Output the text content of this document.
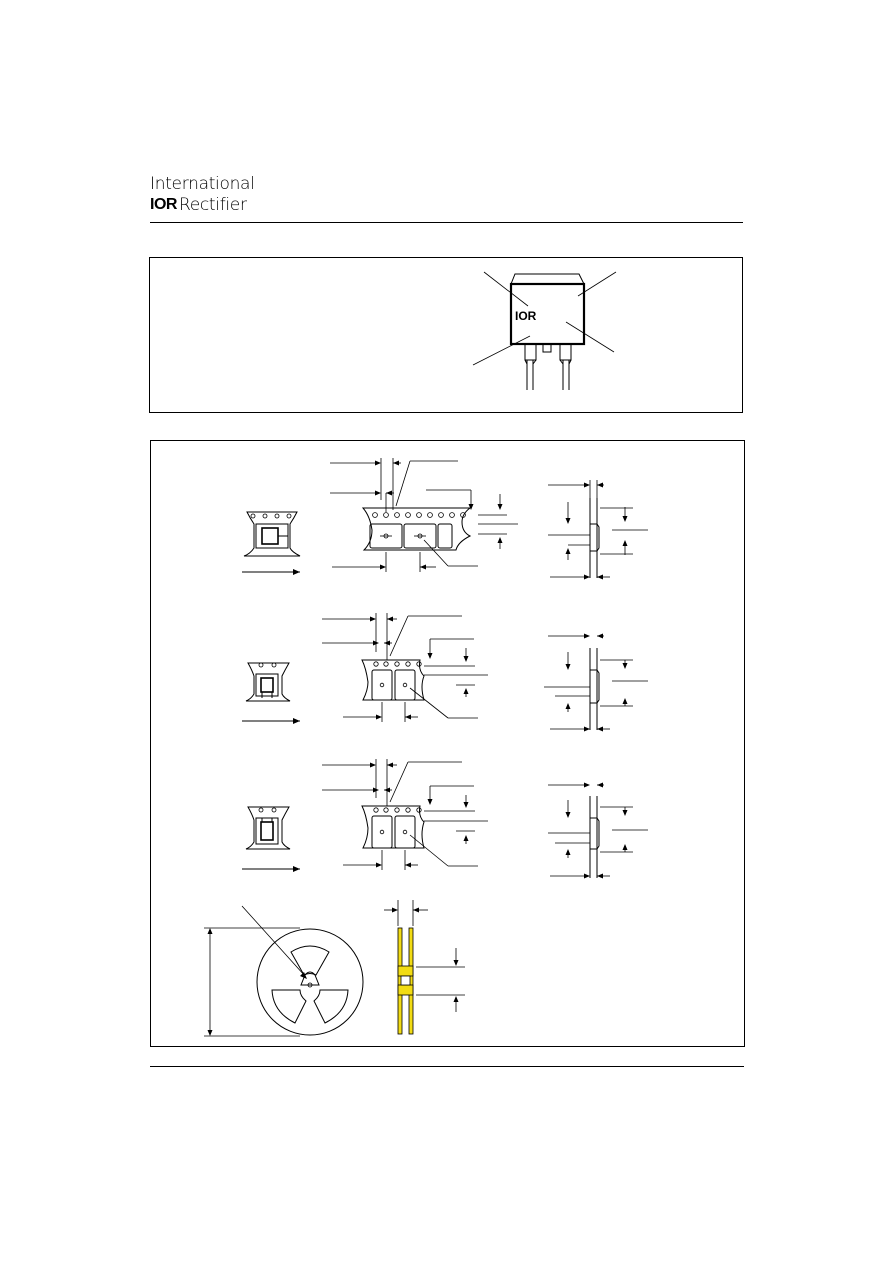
International
IOR Rectifier
IOR
